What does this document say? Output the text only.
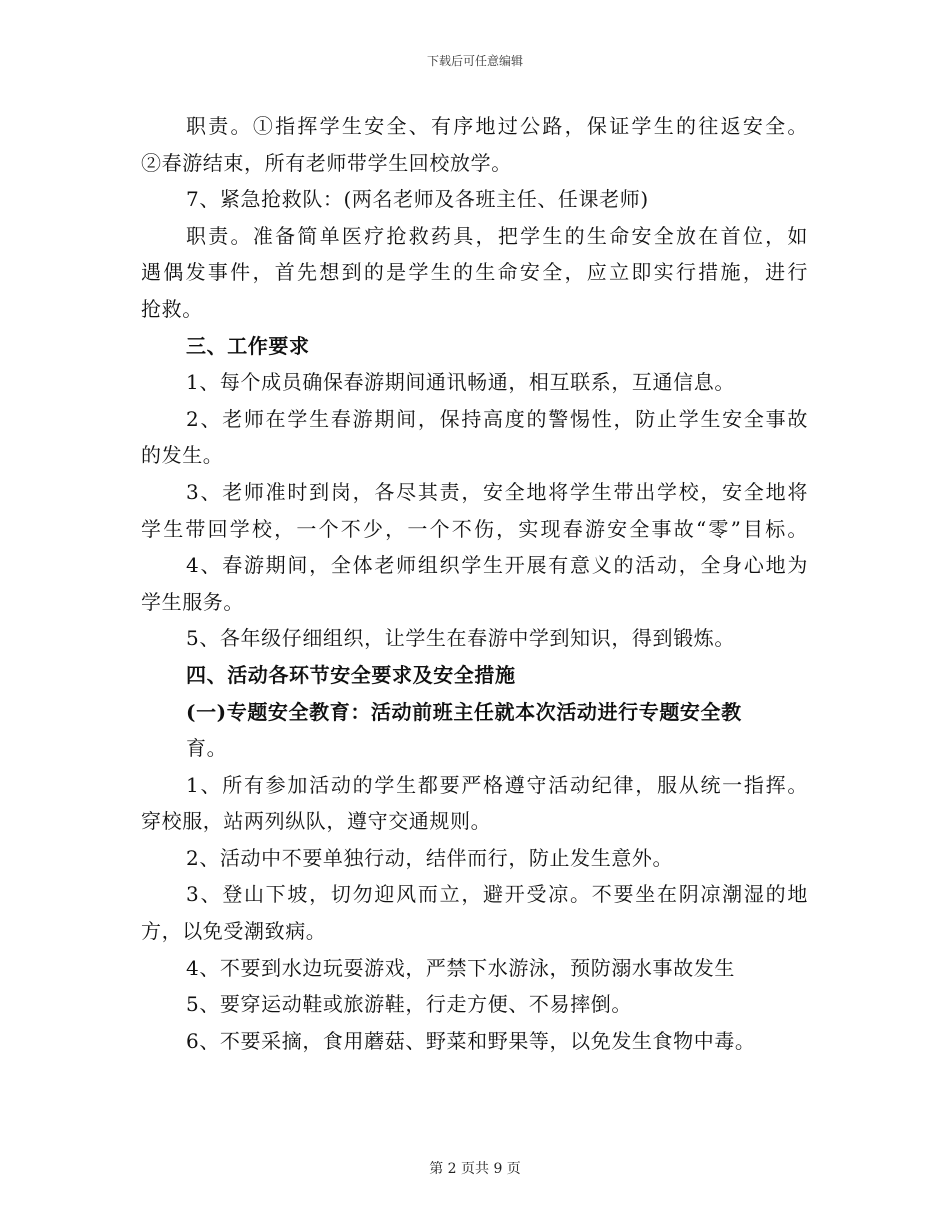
下载后可任意编辑
职责。①指挥学生安全、有序地过公路，保证学生的往返安全。
②春游结束，所有老师带学生回校放学。
7、紧急抢救队：(两名老师及各班主任、任课老师)
职责。准备简单医疗抢救药具，把学生的生命安全放在首位，如
遇偶发事件，首先想到的是学生的生命安全，应立即实行措施，进行
抢救。
三、工作要求
1、每个成员确保春游期间通讯畅通，相互联系，互通信息。
2、老师在学生春游期间，保持高度的警惕性，防止学生安全事故
的发生。
3、老师准时到岗，各尽其责，安全地将学生带出学校，安全地将
学生带回学校，一个不少，一个不伤，实现春游安全事故“零”目标。
4、春游期间，全体老师组织学生开展有意义的活动，全身心地为
学生服务。
5、各年级仔细组织，让学生在春游中学到知识，得到锻炼。
四、活动各环节安全要求及安全措施
(一)专题安全教育：活动前班主任就本次活动进行专题安全教
育。
1、所有参加活动的学生都要严格遵守活动纪律，服从统一指挥。
穿校服，站两列纵队，遵守交通规则。
2、活动中不要单独行动，结伴而行，防止发生意外。
3、登山下坡，切勿迎风而立，避开受凉。不要坐在阴凉潮湿的地
方，以免受潮致病。
4、不要到水边玩耍游戏，严禁下水游泳，预防溺水事故发生
5、要穿运动鞋或旅游鞋，行走方便、不易摔倒。
6、不要采摘，食用蘑菇、野菜和野果等，以免发生食物中毒。
第 2 页共 9 页
